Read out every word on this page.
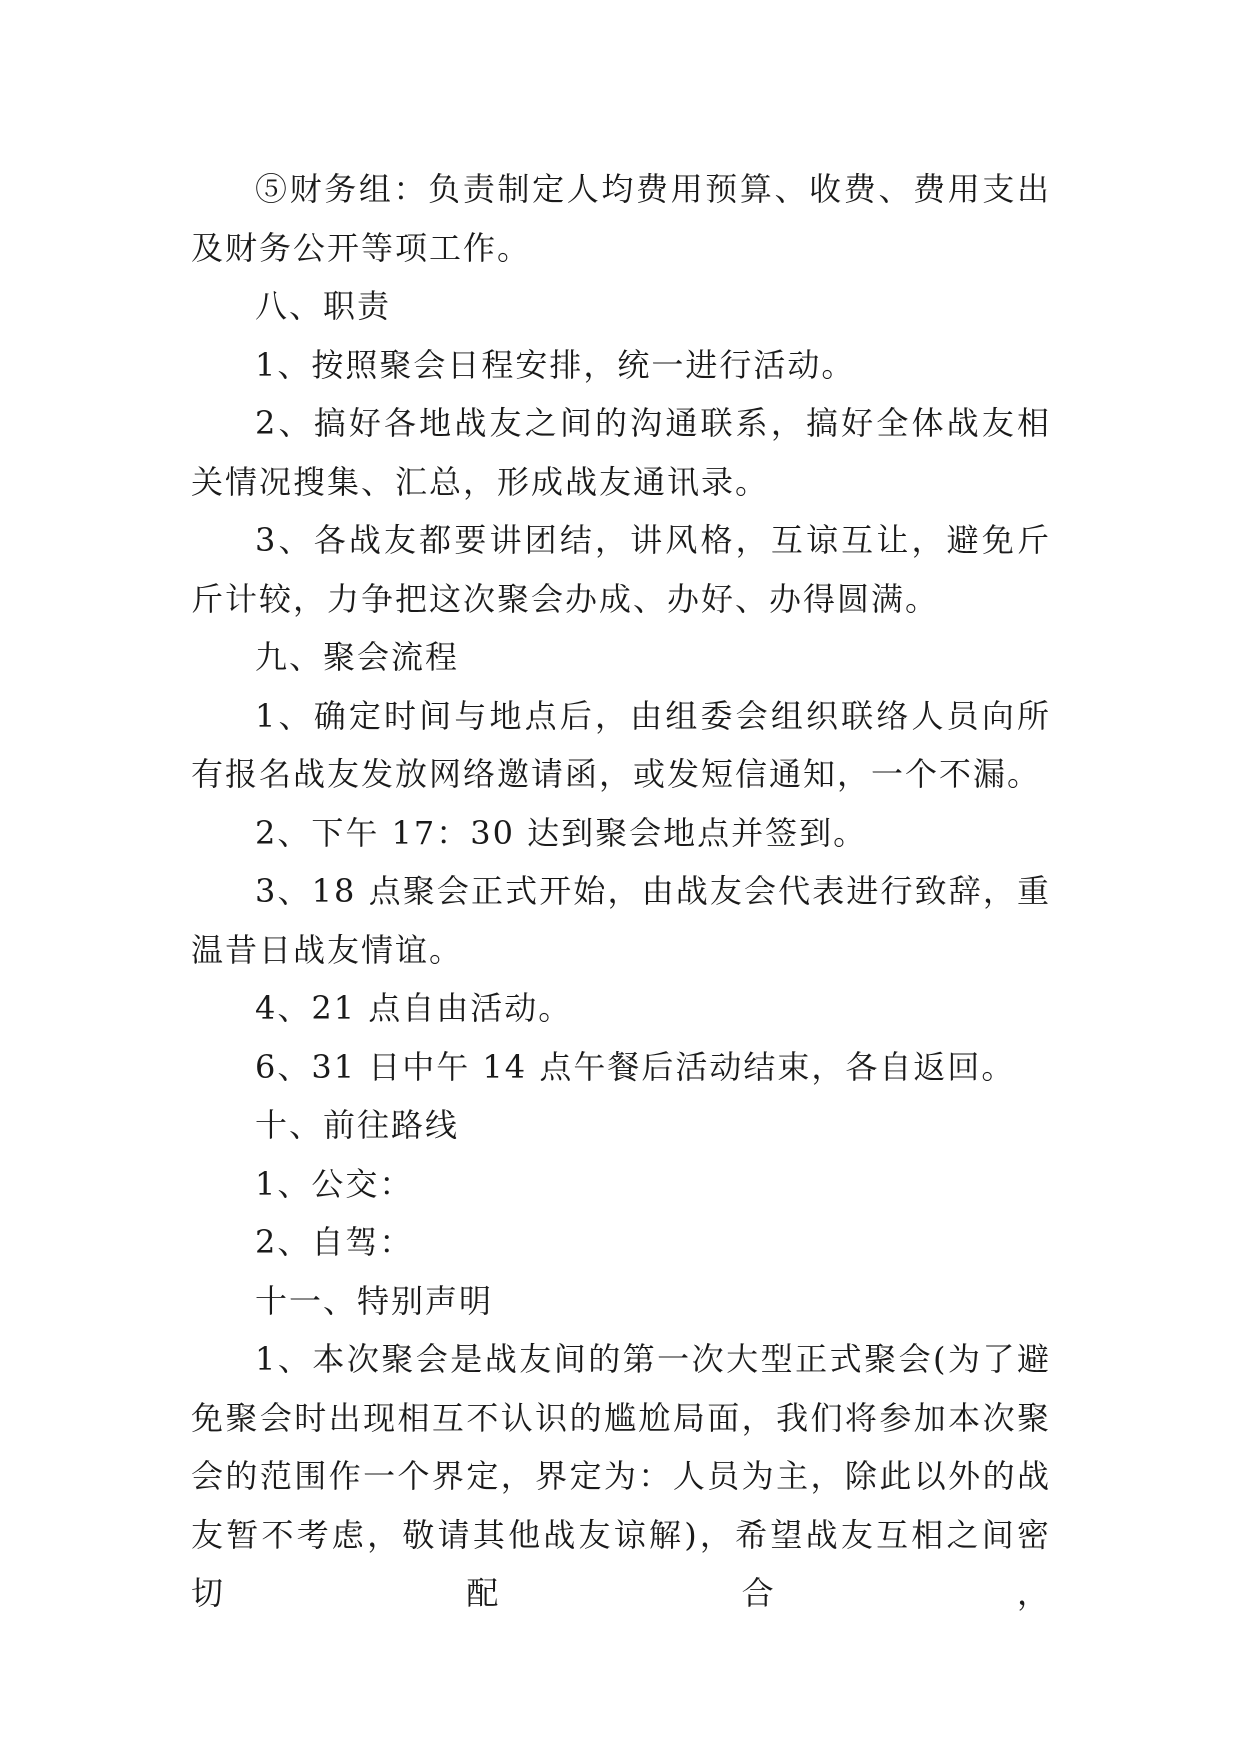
⑤财务组：负责制定人均费用预算、收费、费用支出及财务公开等项工作。

八、职责

1、按照聚会日程安排，统一进行活动。

2、搞好各地战友之间的沟通联系，搞好全体战友相关情况搜集、汇总，形成战友通讯录。

3、各战友都要讲团结，讲风格，互谅互让，避免斤斤计较，力争把这次聚会办成、办好、办得圆满。

九、聚会流程

1、确定时间与地点后，由组委会组织联络人员向所有报名战友发放网络邀请函，或发短信通知，一个不漏。

2、下午 17：30 达到聚会地点并签到。

3、18 点聚会正式开始，由战友会代表进行致辞，重温昔日战友情谊。

4、21 点自由活动。

6、31 日中午 14 点午餐后活动结束，各自返回。

十、前往路线

1、公交：

2、自驾：

十一、特别声明

1、本次聚会是战友间的第一次大型正式聚会(为了避免聚会时出现相互不认识的尴尬局面，我们将参加本次聚会的范围作一个界定，界定为：人员为主，除此以外的战友暂不考虑，敬请其他战友谅解)，希望战友互相之间密切配合，
